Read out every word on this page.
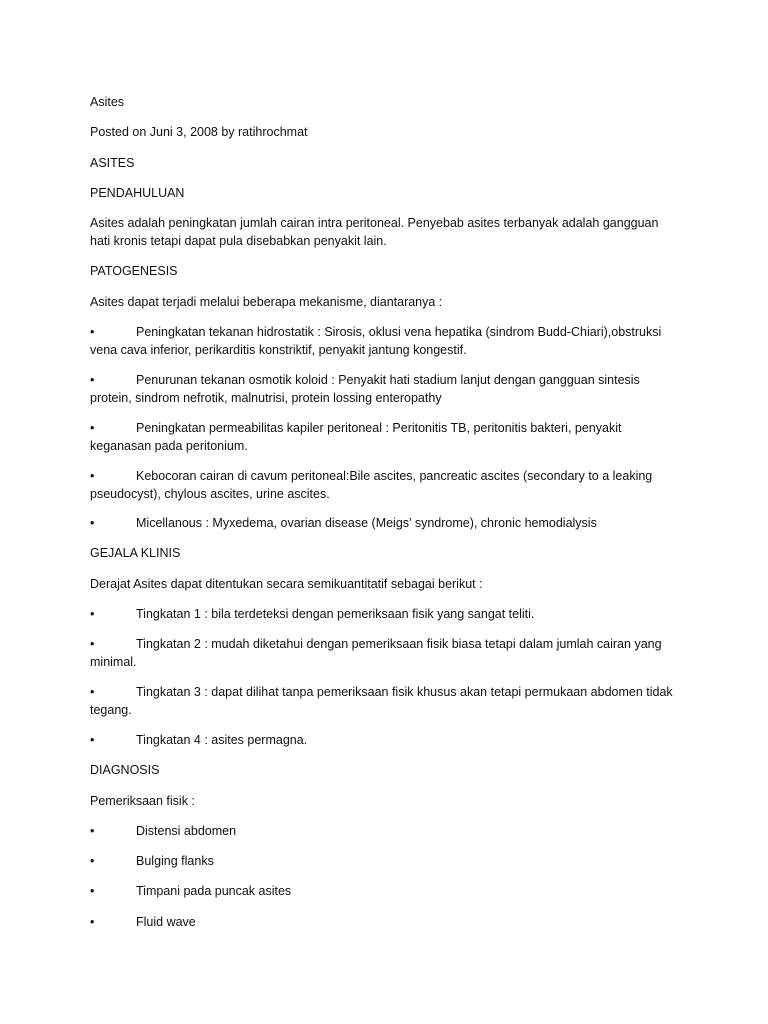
Asites

Posted on Juni 3, 2008 by ratihrochmat

ASITES

PENDAHULUAN

Asites adalah peningkatan jumlah cairan intra peritoneal. Penyebab asites terbanyak adalah gangguan hati kronis tetapi dapat pula disebabkan penyakit lain.

PATOGENESIS

Asites dapat terjadi melalui beberapa mekanisme, diantaranya :

•	Peningkatan tekanan hidrostatik : Sirosis, oklusi vena hepatika (sindrom Budd-Chiari),obstruksi vena cava inferior, perikarditis konstriktif, penyakit jantung kongestif.
•	Penurunan tekanan osmotik koloid : Penyakit hati stadium lanjut dengan gangguan sintesis protein, sindrom nefrotik, malnutrisi, protein lossing enteropathy
•	Peningkatan permeabilitas kapiler peritoneal : Peritonitis TB, peritonitis bakteri, penyakit keganasan pada peritonium.
•	Kebocoran cairan di cavum peritoneal:Bile ascites, pancreatic ascites (secondary to a leaking pseudocyst), chylous ascites, urine ascites.
•	Micellanous : Myxedema, ovarian disease (Meigs’ syndrome), chronic hemodialysis

GEJALA KLINIS

Derajat Asites dapat ditentukan secara semikuantitatif sebagai berikut :

•	Tingkatan 1 : bila terdeteksi dengan pemeriksaan fisik yang sangat teliti.
•	Tingkatan 2 : mudah diketahui dengan pemeriksaan fisik biasa tetapi dalam jumlah cairan yang minimal.
•	Tingkatan 3 : dapat dilihat tanpa pemeriksaan fisik khusus akan tetapi permukaan abdomen tidak tegang.
•	Tingkatan 4 : asites permagna.

DIAGNOSIS

Pemeriksaan fisik :

•	Distensi abdomen
•	Bulging flanks
•	Timpani pada puncak asites
•	Fluid wave
